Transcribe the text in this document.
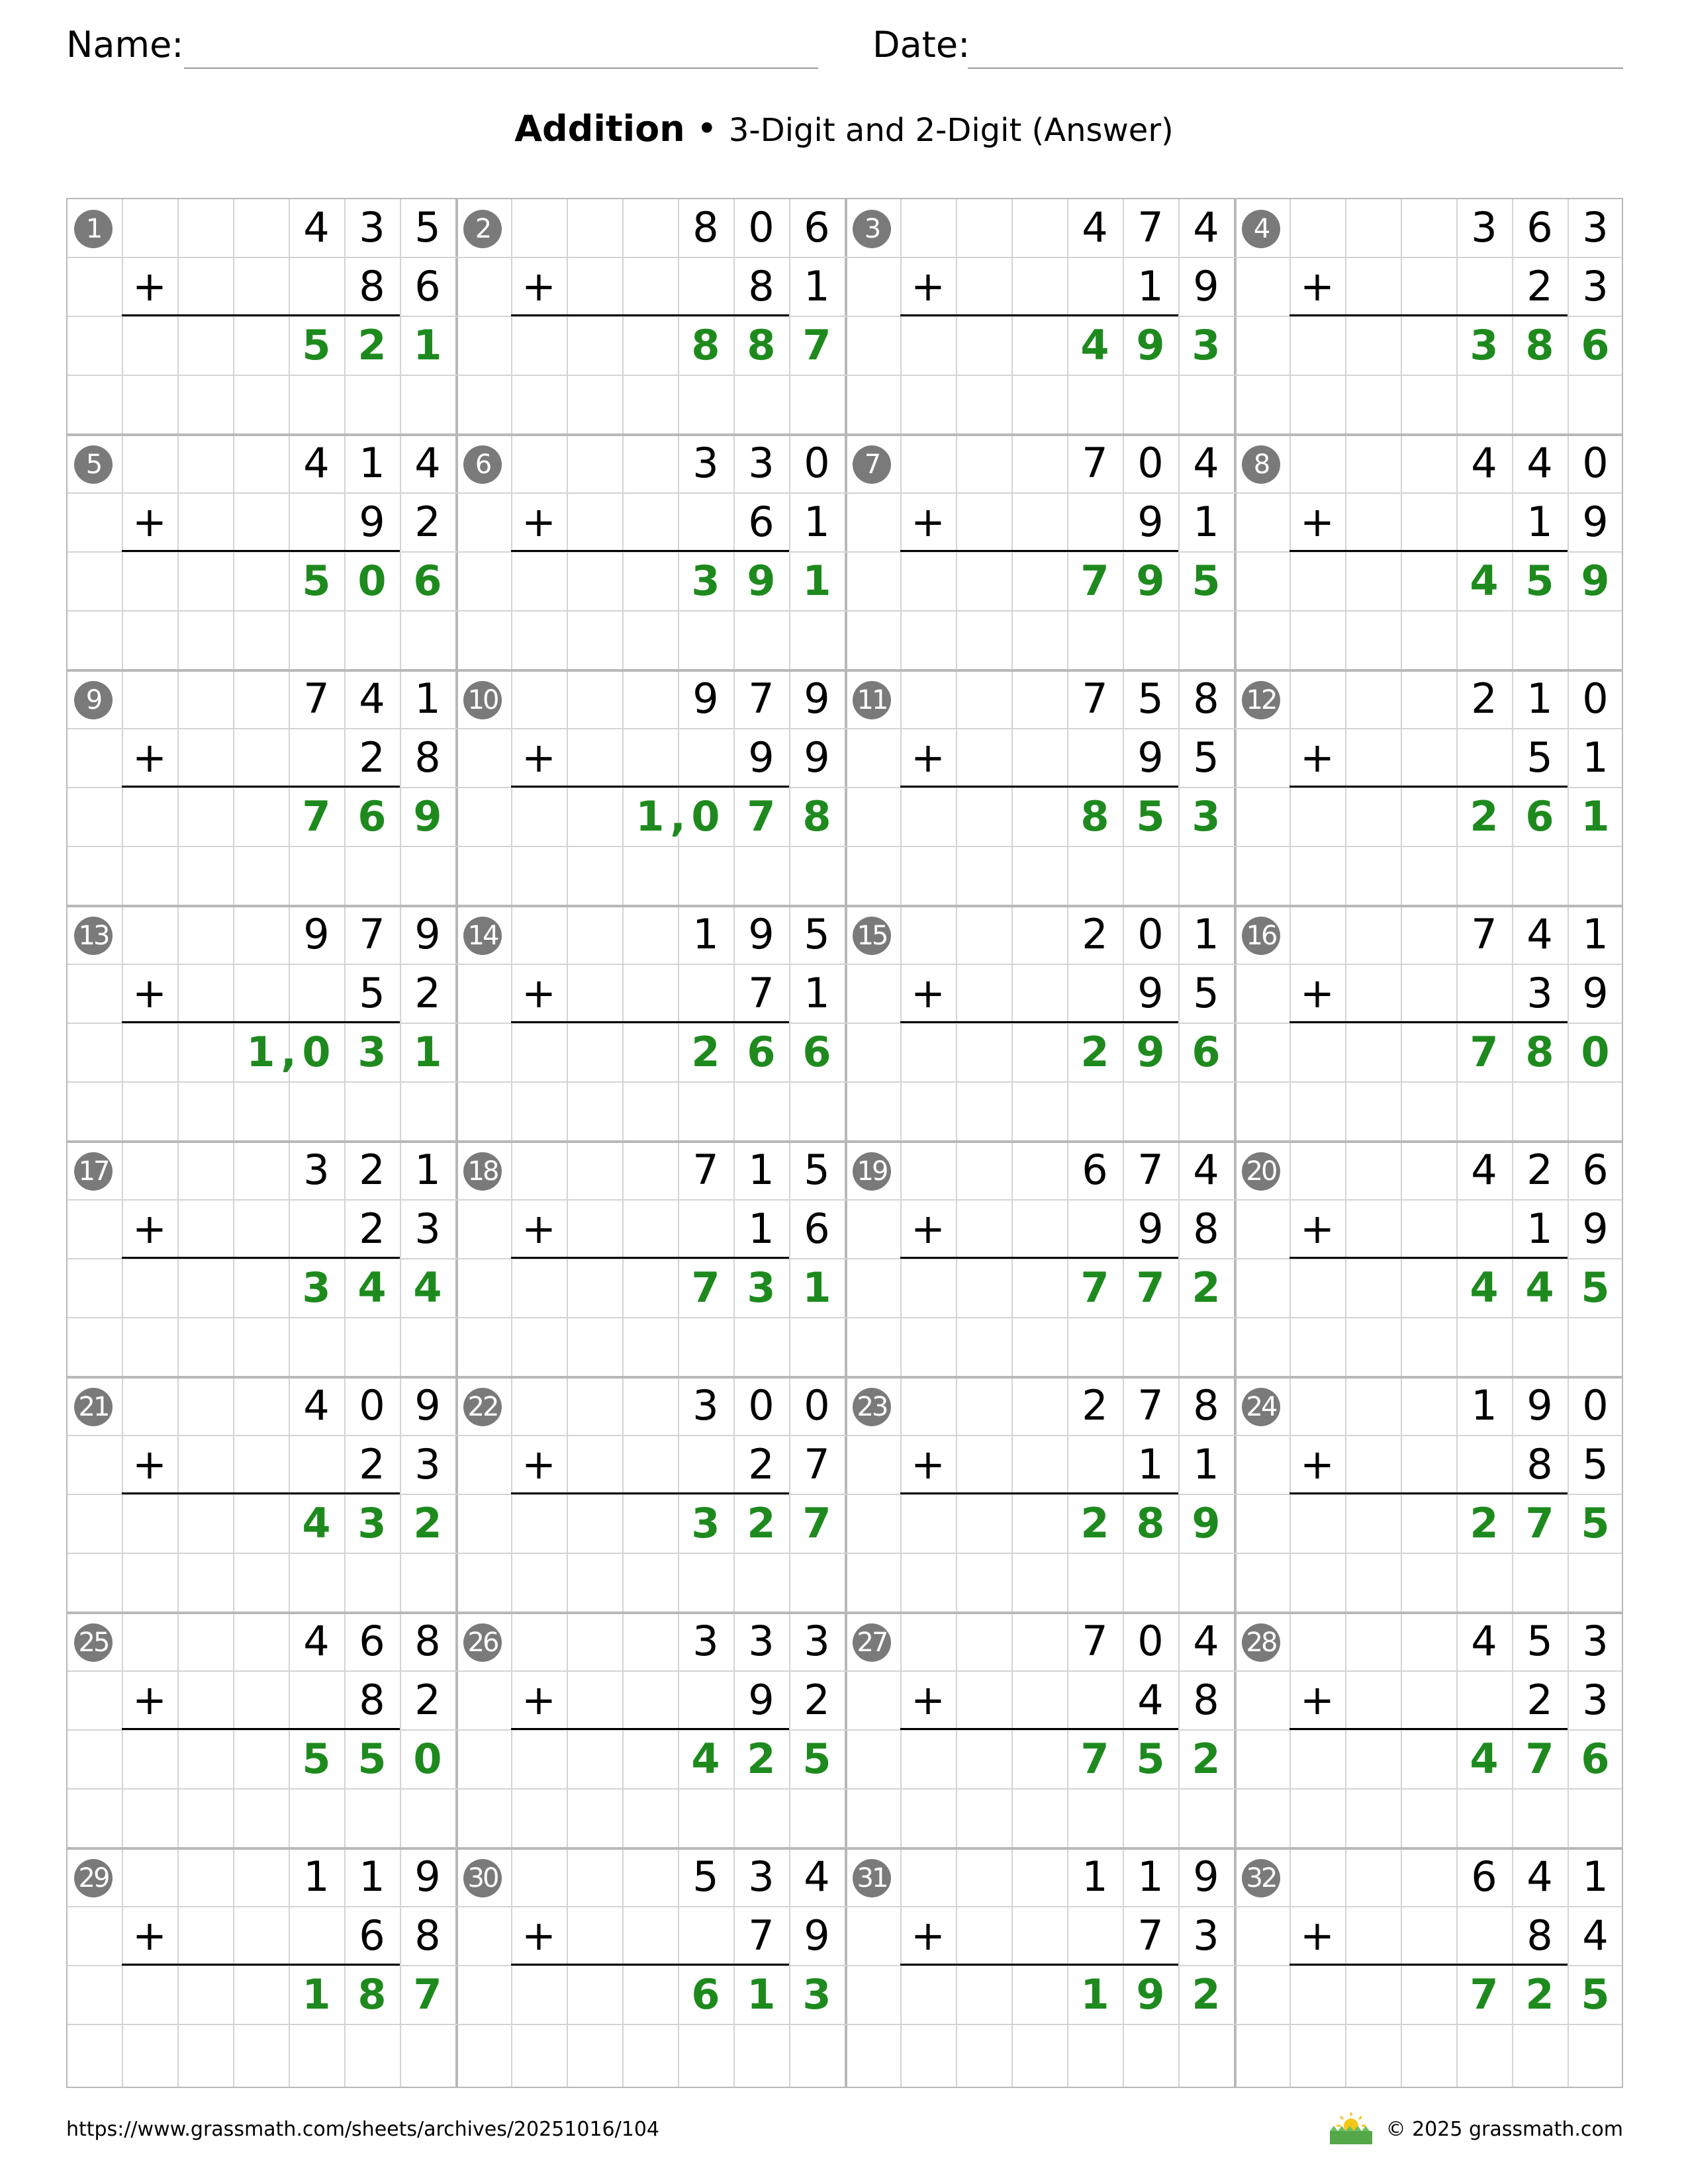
Name:	Date:
Addition • 3-Digit and 2-Digit (Answer)
1	4 3 5
+	8 6
5 2 1
2	8 0 6
+	8 1
8 8 7
3	4 7 4
+	1 9
4 9 3
4	3 6 3
+	2 3
3 8 6
5	4 1 4
+	9 2
5 0 6
6	3 3 0
+	6 1
3 9 1
7	7 0 4
+	9 1
7 9 5
8	4 4 0
+	1 9
4 5 9
9	7 4 1
+	2 8
7 6 9
10	9 7 9
+	9 9
1 0 7 8
,
11	7 5 8
+	9 5
8 5 3
12	2 1 0
+	5 1
2 6 1
13	9 7 9
+	5 2
1 0 3 1
,
14	1 9 5
+	7 1
2 6 6
15	2 0 1
+	9 5
2 9 6
16	7 4 1
+	3 9
7 8 0
17	3 2 1
+	2 3
3 4 4
18	7 1 5
+	1 6
7 3 1
19	6 7 4
+	9 8
7 7 2
20	4 2 6
+	1 9
4 4 5
21	4 0 9
+	2 3
4 3 2
22	3 0 0
+	2 7
3 2 7
23	2 7 8
+	1 1
2 8 9
24	1 9 0
+	8 5
2 7 5
25	4 6 8
+	8 2
5 5 0
26	3 3 3
+	9 2
4 2 5
27	7 0 4
+	4 8
7 5 2
28	4 5 3
+	2 3
4 7 6
29	1 1 9
+	6 8
1 8 7
30	5 3 4
+	7 9
6 1 3
31	1 1 9
+	7 3
1 9 2
32	6 4 1
+	8 4
7 2 5
https://www.grassmath.com/sheets/archives/20251016/104	© 2025 grassmath.com
